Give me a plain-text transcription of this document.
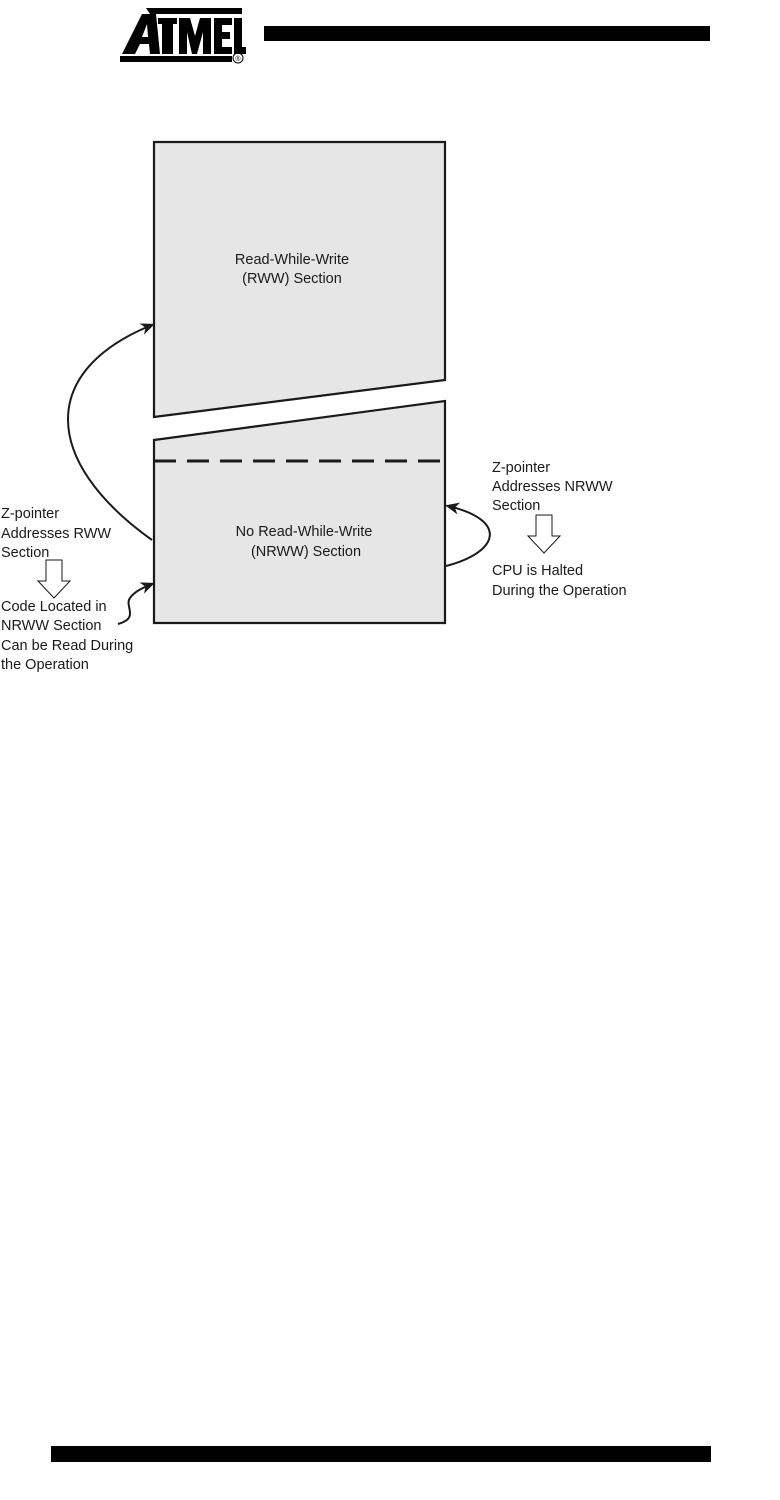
®
ATMEL
Read-While-Write
(RWW) Section
No Read-While-Write
(NRWW) Section
Z-pointer
Addresses RWW
Section
Code Located in
NRWW Section
Can be Read During
the Operation
Z-pointer
Addresses NRWW
Section
CPU is Halted
During the Operation
